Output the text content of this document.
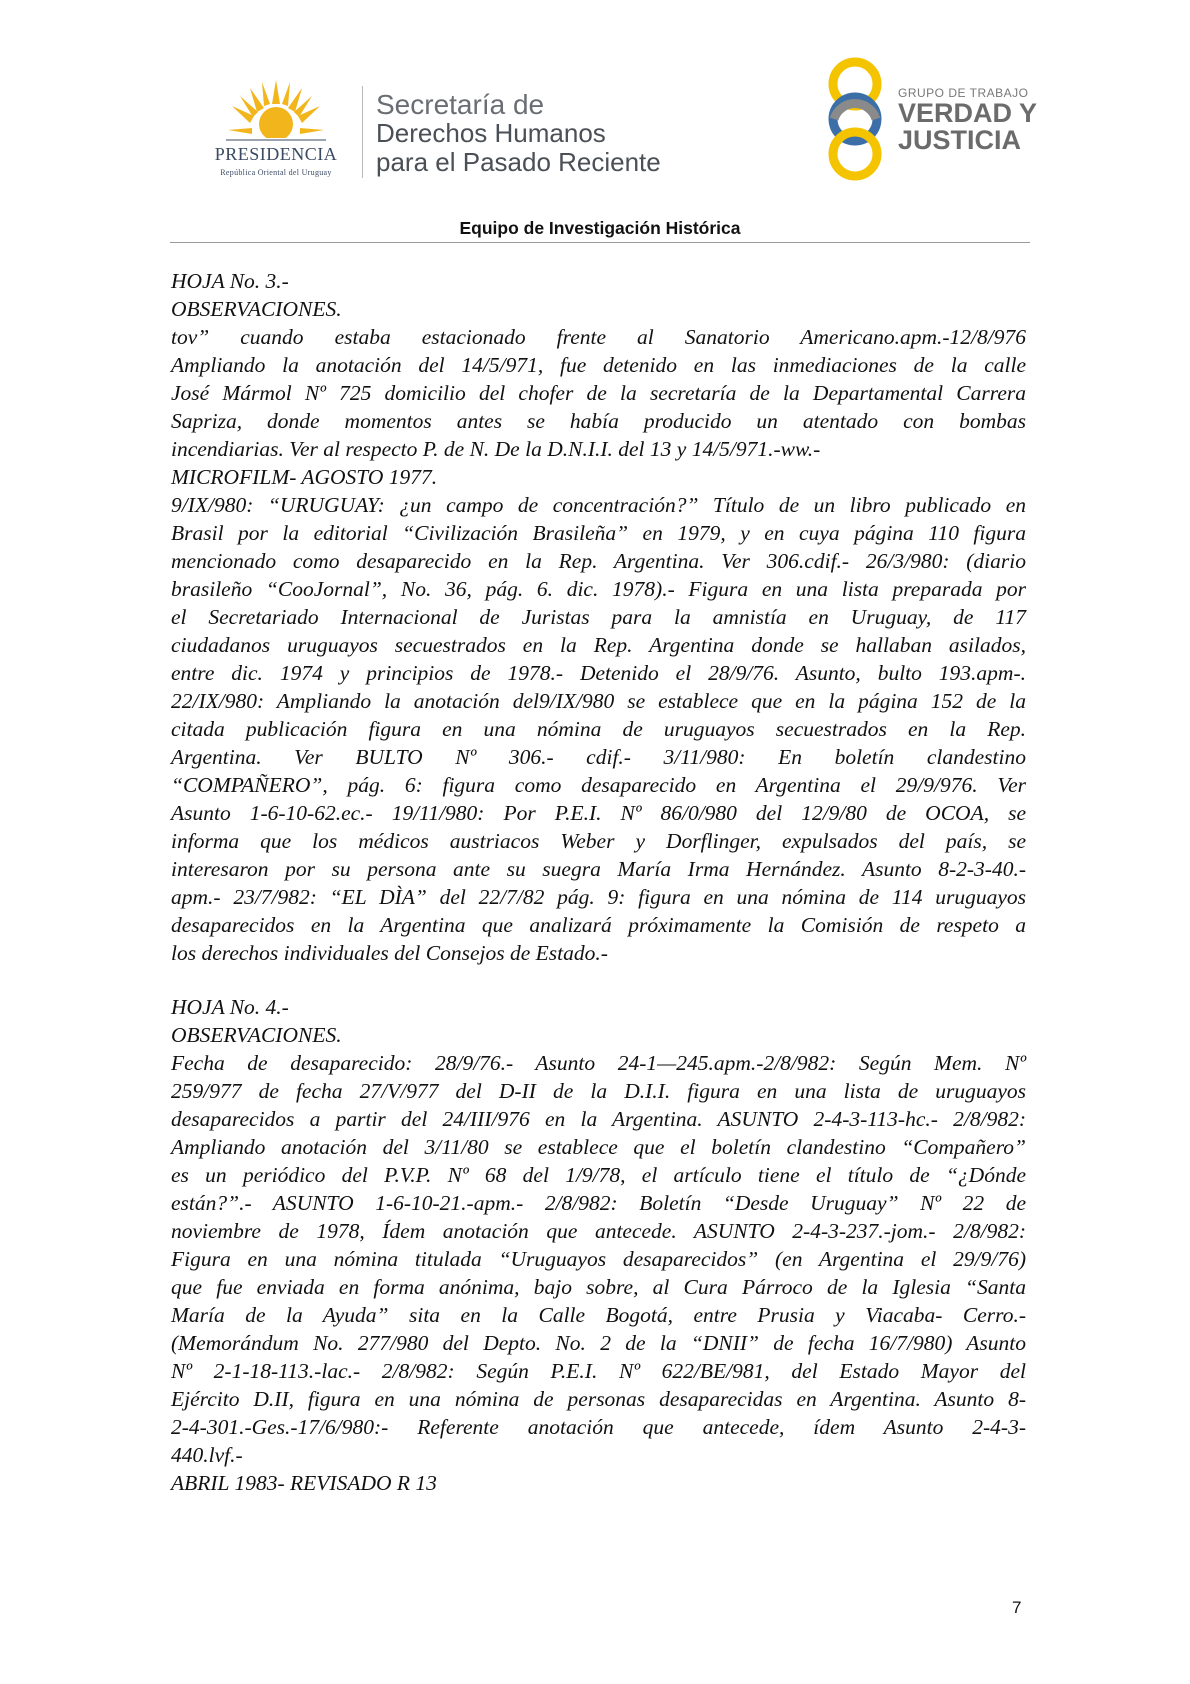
PRESIDENCIA
República Oriental del Uruguay
Secretaría de
Derechos Humanos
para el Pasado Reciente
GRUPO DE TRABAJO
VERDAD Y
JUSTICIA
Equipo de Investigación Histórica
HOJA No. 3.-
OBSERVACIONES.
tov” cuando estaba estacionado frente al Sanatorio Americano.apm.-12/8/976
Ampliando la anotación del 14/5/971, fue detenido en las inmediaciones de la calle
José Mármol Nº 725 domicilio del chofer de la secretaría de la Departamental Carrera
Sapriza, donde momentos antes se había producido un atentado con bombas
incendiarias. Ver al respecto P. de N. De la D.N.I.I. del 13 y 14/5/971.-ww.-
MICROFILM- AGOSTO 1977.
9/IX/980: “URUGUAY: ¿un campo de concentración?” Título de un libro publicado en
Brasil por la editorial “Civilización Brasileña” en 1979, y en cuya página 110 figura
mencionado como desaparecido en la Rep. Argentina. Ver 306.cdif.- 26/3/980: (diario
brasileño “CooJornal”, No. 36, pág. 6. dic. 1978).- Figura en una lista preparada por
el Secretariado Internacional de Juristas para la amnistía en Uruguay, de 117
ciudadanos uruguayos secuestrados en la Rep. Argentina donde se hallaban asilados,
entre dic. 1974 y principios de 1978.- Detenido el 28/9/76. Asunto, bulto 193.apm-.
22/IX/980: Ampliando la anotación del9/IX/980 se establece que en la página 152 de la
citada publicación figura en una nómina de uruguayos secuestrados en la Rep.
Argentina. Ver BULTO Nº 306.- cdif.- 3/11/980: En boletín clandestino
“COMPAÑERO”, pág. 6: figura como desaparecido en Argentina el 29/9/976. Ver
Asunto 1-6-10-62.ec.- 19/11/980: Por P.E.I. Nº 86/0/980 del 12/9/80 de OCOA, se
informa que los médicos austriacos Weber y Dorflinger, expulsados del país, se
interesaron por su persona ante su suegra María Irma Hernández. Asunto 8-2-3-40.-
apm.- 23/7/982: “EL DÌA” del 22/7/82 pág. 9: figura en una nómina de 114 uruguayos
desaparecidos en la Argentina que analizará próximamente la Comisión de respeto a
los derechos individuales del Consejos de Estado.-
HOJA No. 4.-
OBSERVACIONES.
Fecha de desaparecido: 28/9/76.- Asunto 24-1—245.apm.-2/8/982: Según Mem. Nº
259/977 de fecha 27/V/977 del D-II de la D.I.I. figura en una lista de uruguayos
desaparecidos a partir del 24/III/976 en la Argentina. ASUNTO 2-4-3-113-hc.- 2/8/982:
Ampliando anotación del 3/11/80 se establece que el boletín clandestino “Compañero”
es un periódico del P.V.P. Nº 68 del 1/9/78, el artículo tiene el título de “¿Dónde
están?”.- ASUNTO 1-6-10-21.-apm.- 2/8/982: Boletín “Desde Uruguay” Nº 22 de
noviembre de 1978, Ídem anotación que antecede. ASUNTO 2-4-3-237.-jom.- 2/8/982:
Figura en una nómina titulada “Uruguayos desaparecidos” (en Argentina el 29/9/76)
que fue enviada en forma anónima, bajo sobre, al Cura Párroco de la Iglesia “Santa
María de la Ayuda” sita en la Calle Bogotá, entre Prusia y Viacaba- Cerro.-
(Memorándum No. 277/980 del Depto. No. 2 de la “DNII” de fecha 16/7/980) Asunto
Nº 2-1-18-113.-lac.- 2/8/982: Según P.E.I. Nº 622/BE/981, del Estado Mayor del
Ejército D.II, figura en una nómina de personas desaparecidas en Argentina. Asunto 8-
2-4-301.-Ges.-17/6/980:- Referente anotación que antecede, ídem Asunto 2-4-3-
440.lvf.-
ABRIL 1983- REVISADO R 13
7
